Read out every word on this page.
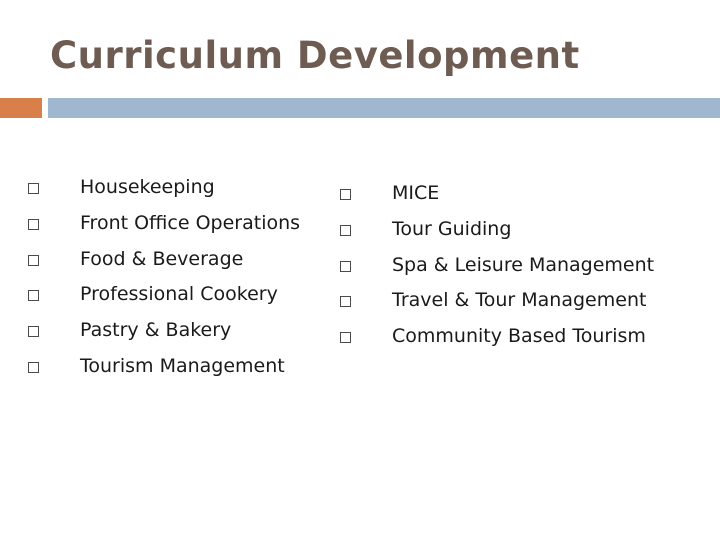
Curriculum Development
Housekeeping
Front Office Operations
Food & Beverage
Professional Cookery
Pastry & Bakery
Tourism Management
MICE
Tour Guiding
Spa & Leisure Management
Travel & Tour Management
Community Based Tourism
